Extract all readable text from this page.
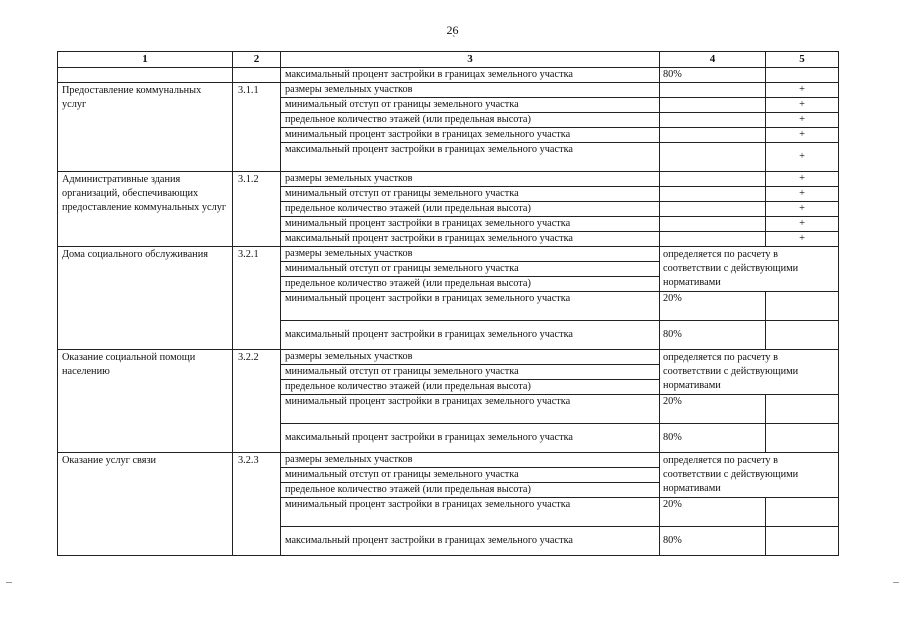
26
`
1	2	3	4	5
		максимальный процент застройки в границах земельного участка	80%	
Предоставление коммунальных услуг	3.1.1	размеры земельных участков		+
		минимальный отступ от границы земельного участка		+
		предельное количество этажей (или предельная высота)		+
		минимальный процент застройки в границах земельного участка		+
		максимальный процент застройки в границах земельного участка		+
Административные здания организаций, обеспечивающих предоставление коммунальных услуг	3.1.2	размеры земельных участков		+
		минимальный отступ от границы земельного участка		+
		предельное количество этажей (или предельная высота)		+
		минимальный процент застройки в границах земельного участка		+
		максимальный процент застройки в границах земельного участка		+
Дома социального обслуживания	3.2.1	размеры земельных участков	определяется по расчету в соответствии с действующими нормативами	
		минимальный отступ от границы земельного участка		
		предельное количество этажей (или предельная высота)		
		минимальный процент застройки в границах земельного участка	20%	
		максимальный процент застройки в границах земельного участка	80%	
Оказание социальной помощи населению	3.2.2	размеры земельных участков	определяется по расчету в соответствии с действующими нормативами	
		минимальный отступ от границы земельного участка		
		предельное количество этажей (или предельная высота)		
		минимальный процент застройки в границах земельного участка	20%	
		максимальный процент застройки в границах земельного участка	80%	
Оказание услуг связи	3.2.3	размеры земельных участков	определяется по расчету в соответствии с действующими нормативами	
		минимальный отступ от границы земельного участка		
		предельное количество этажей (или предельная высота)		
		минимальный процент застройки в границах земельного участка	20%	
		максимальный процент застройки в границах земельного участка	80%	
